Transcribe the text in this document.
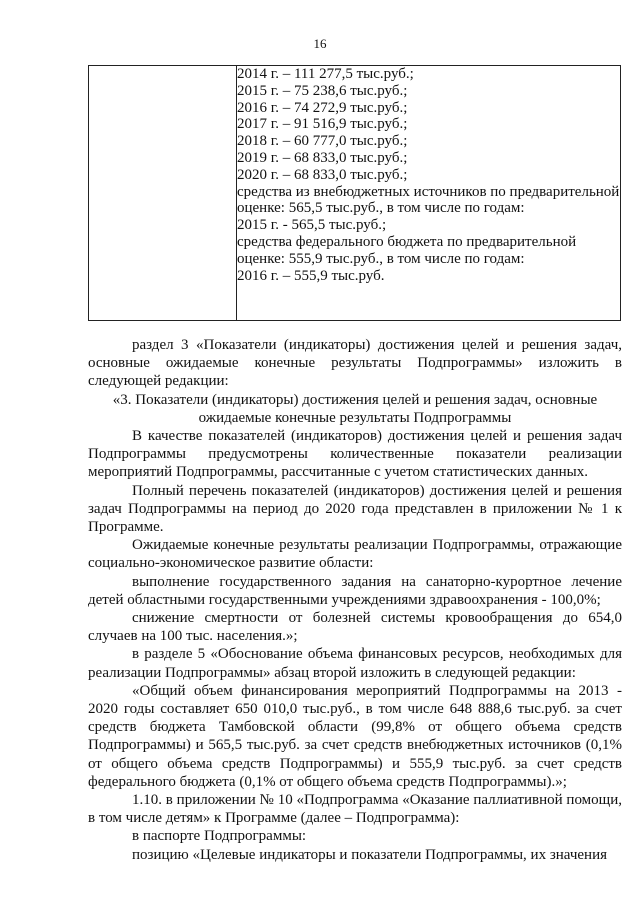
16

2014 г. – 111 277,5 тыс.руб.;
2015 г. – 75 238,6 тыс.руб.;
2016 г. – 74 272,9 тыс.руб.;
2017 г. – 91 516,9 тыс.руб.;
2018 г. – 60 777,0 тыс.руб.;
2019 г. – 68 833,0 тыс.руб.;
2020 г. – 68 833,0 тыс.руб.;
средства из внебюджетных источников по предварительной оценке: 565,5 тыс.руб., в том числе по годам:
2015 г. - 565,5 тыс.руб.;
средства федерального бюджета по предварительной оценке: 555,9 тыс.руб., в том числе по годам:
2016 г. – 555,9 тыс.руб.

раздел 3 «Показатели (индикаторы) достижения целей и решения задач, основные ожидаемые конечные результаты Подпрограммы» изложить в следующей редакции:

«3. Показатели (индикаторы) достижения целей и решения задач, основные ожидаемые конечные результаты Подпрограммы

В качестве показателей (индикаторов) достижения целей и решения задач Подпрограммы предусмотрены количественные показатели реализации мероприятий Подпрограммы, рассчитанные с учетом статистических данных.

Полный перечень показателей (индикаторов) достижения целей и решения задач Подпрограммы на период до 2020 года представлен в приложении № 1 к Программе.

Ожидаемые конечные результаты реализации Подпрограммы, отражающие социально-экономическое развитие области:

выполнение государственного задания на санаторно-курортное лечение детей областными государственными учреждениями здравоохранения - 100,0%;

снижение смертности от болезней системы кровообращения до 654,0 случаев на 100 тыс. населения.»;

в разделе 5 «Обоснование объема финансовых ресурсов, необходимых для реализации Подпрограммы» абзац второй изложить в следующей редакции:

«Общий объем финансирования мероприятий Подпрограммы на 2013 - 2020 годы составляет 650 010,0 тыс.руб., в том числе 648 888,6 тыс.руб. за счет средств бюджета Тамбовской области (99,8% от общего объема средств Подпрограммы) и 565,5 тыс.руб. за счет средств внебюджетных источников (0,1% от общего объема средств Подпрограммы) и 555,9 тыс.руб. за счет средств федерального бюджета (0,1% от общего объема средств Подпрограммы).»;

1.10. в приложении № 10 «Подпрограмма «Оказание паллиативной помощи, в том числе детям» к Программе (далее – Подпрограмма):

в паспорте Подпрограммы:

позицию «Целевые индикаторы и показатели Подпрограммы, их значения
